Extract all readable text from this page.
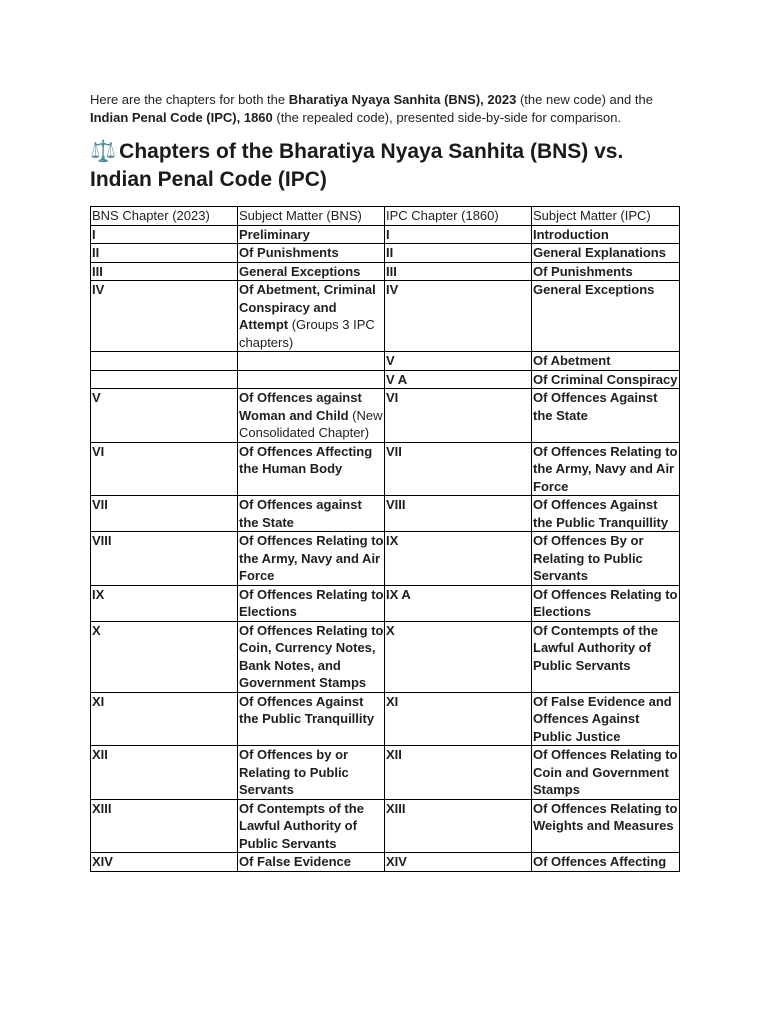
Here are the chapters for both the Bharatiya Nyaya Sanhita (BNS), 2023 (the new code) and the Indian Penal Code (IPC), 1860 (the repealed code), presented side-by-side for comparison.

⚖️ Chapters of the Bharatiya Nyaya Sanhita (BNS) vs. Indian Penal Code (IPC)
BNS Chapter (2023)	Subject Matter (BNS)	IPC Chapter (1860)	Subject Matter (IPC)
I	Preliminary	I	Introduction
II	Of Punishments	II	General Explanations
III	General Exceptions	III	Of Punishments
IV	Of Abetment, Criminal Conspiracy and Attempt (Groups 3 IPC chapters)	IV	General Exceptions
		V	Of Abetment
		V A	Of Criminal Conspiracy
V	Of Offences against Woman and Child (New Consolidated Chapter)	VI	Of Offences Against the State
VI	Of Offences Affecting the Human Body	VII	Of Offences Relating to the Army, Navy and Air Force
VII	Of Offences against the State	VIII	Of Offences Against the Public Tranquillity
VIII	Of Offences Relating to the Army, Navy and Air Force	IX	Of Offences By or Relating to Public Servants
IX	Of Offences Relating to Elections	IX A	Of Offences Relating to Elections
X	Of Offences Relating to Coin, Currency Notes, Bank Notes, and Government Stamps	X	Of Contempts of the Lawful Authority of Public Servants
XI	Of Offences Against the Public Tranquillity	XI	Of False Evidence and Offences Against Public Justice
XII	Of Offences by or Relating to Public Servants	XII	Of Offences Relating to Coin and Government Stamps
XIII	Of Contempts of the Lawful Authority of Public Servants	XIII	Of Offences Relating to Weights and Measures
XIV	Of False Evidence	XIV	Of Offences Affecting
